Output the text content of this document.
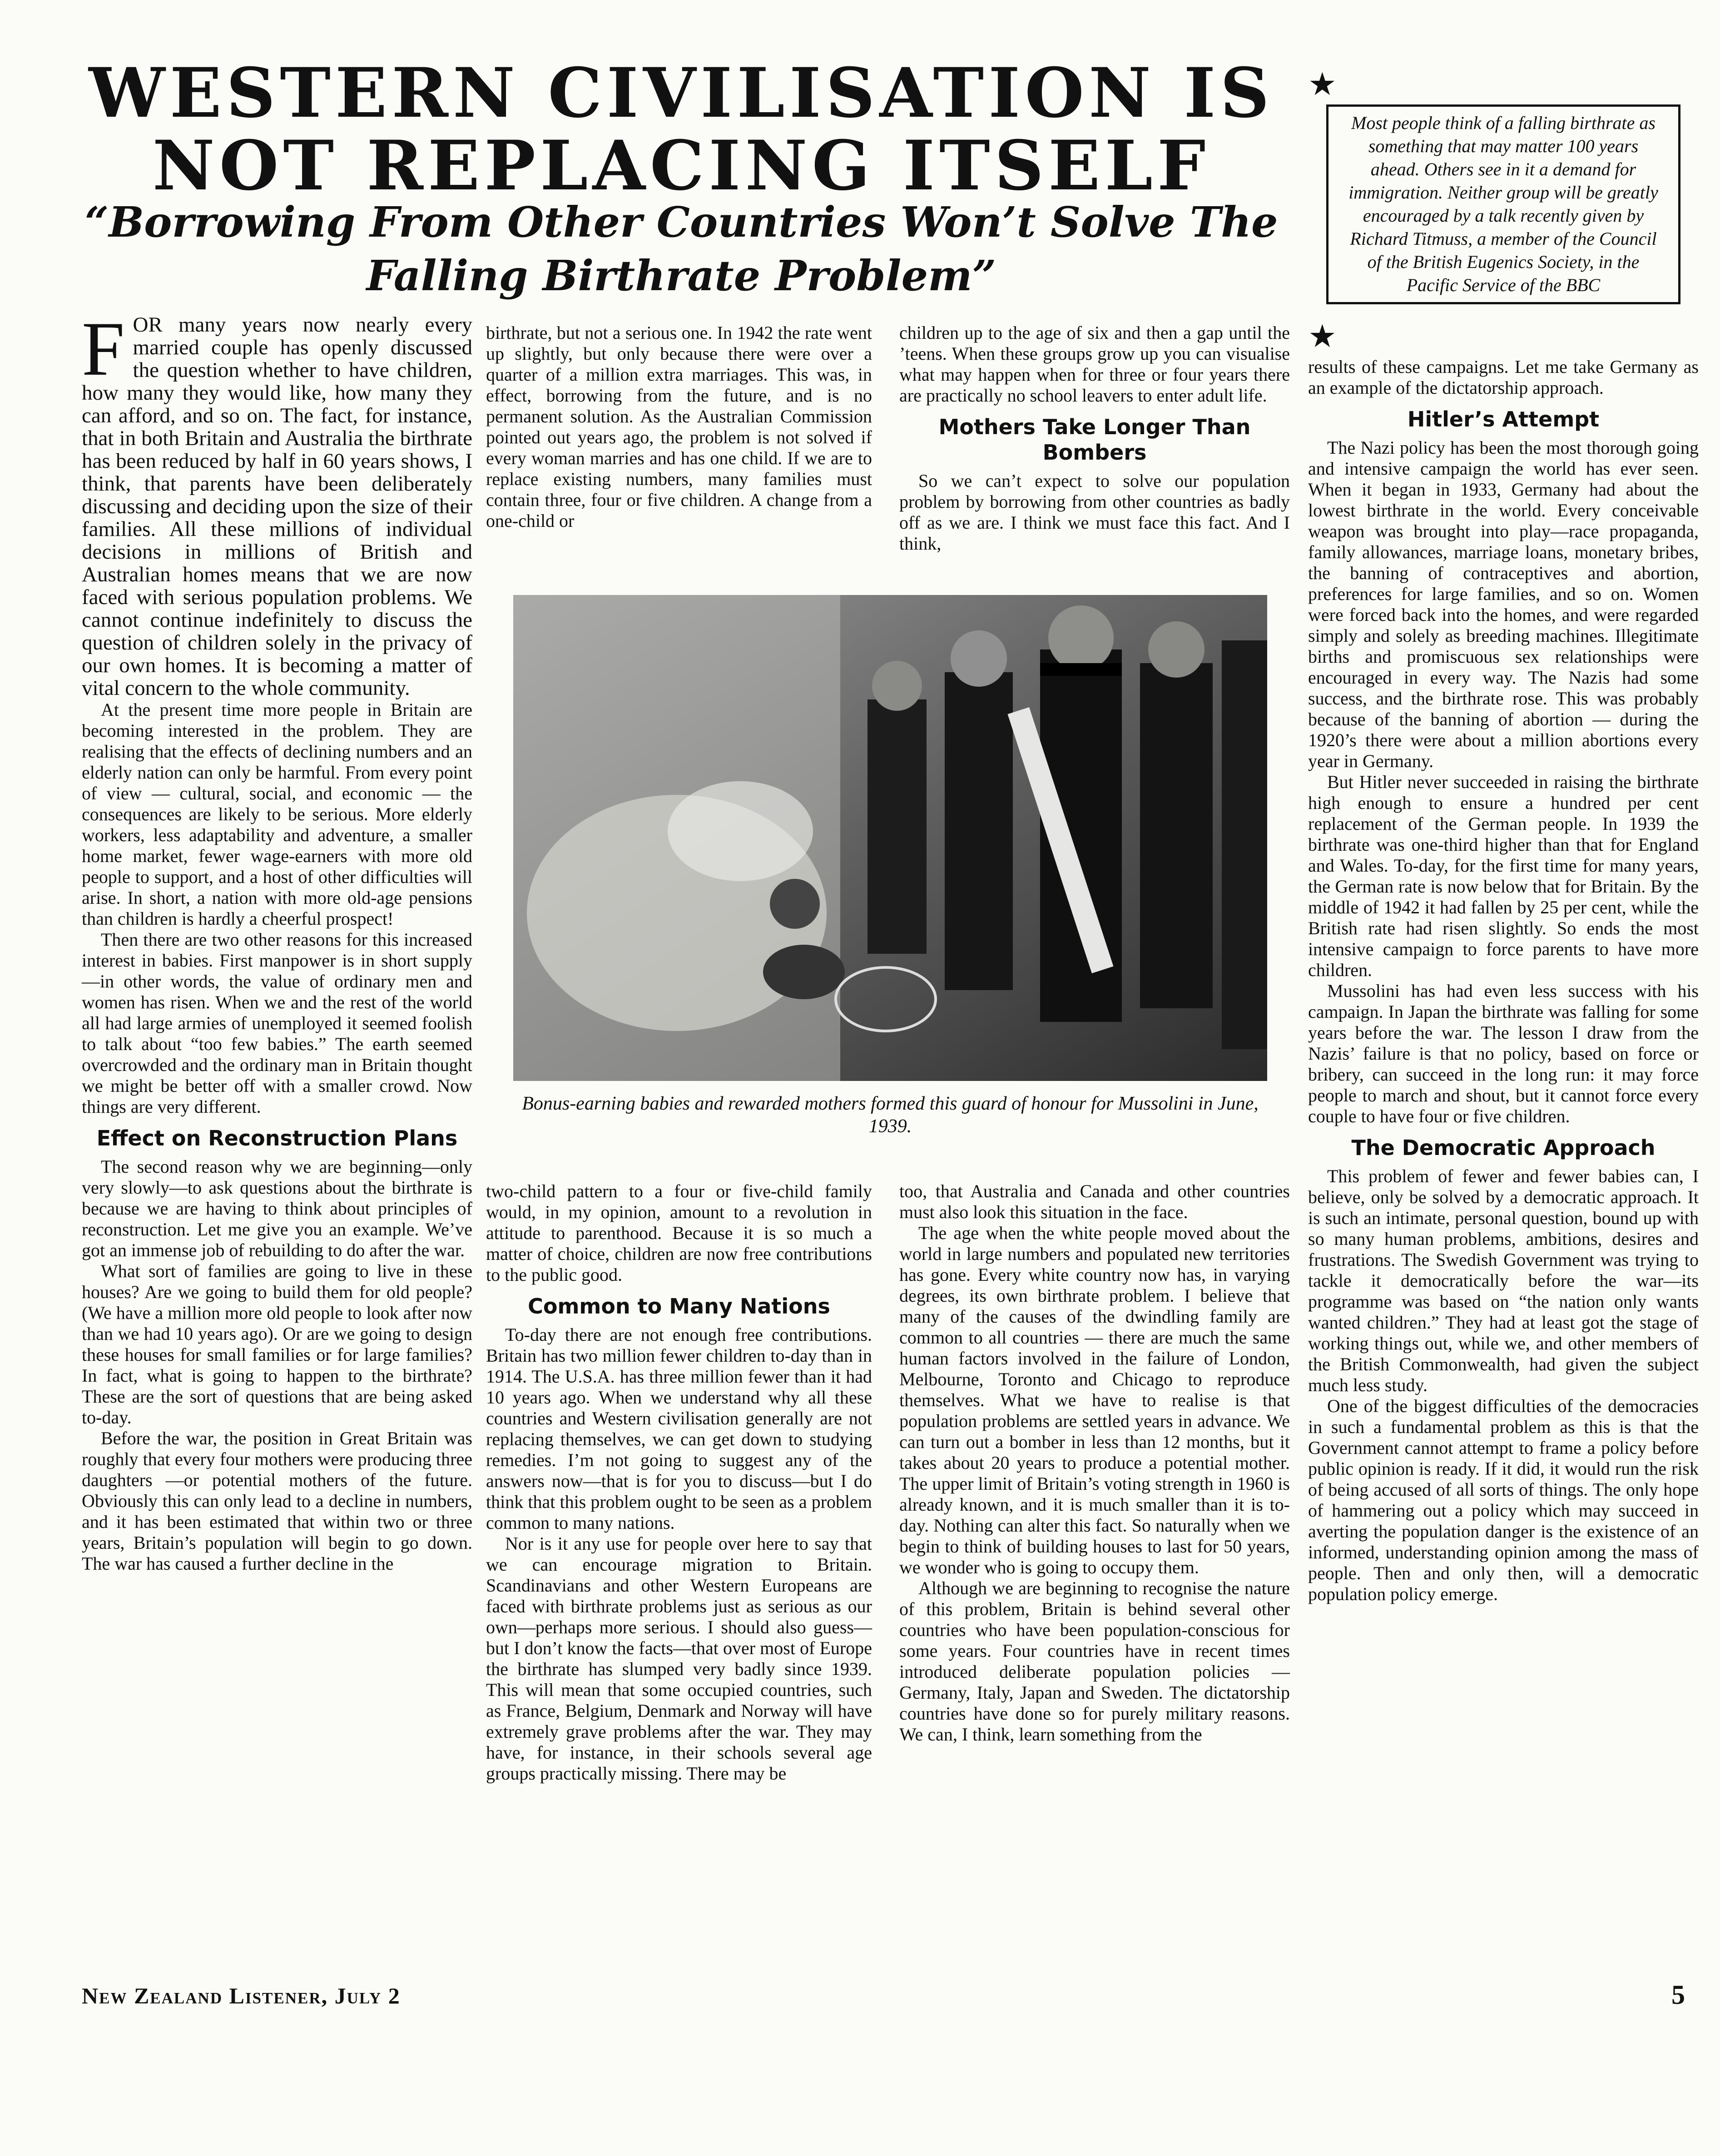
WESTERN CIVILISATION IS NOT REPLACING ITSELF
“Borrowing From Other Countries Won’t Solve The Falling Birthrate Problem”
★
Most people think of a falling birthrate as something that may matter 100 years ahead. Others see in it a demand for immigration. Neither group will be greatly encouraged by a talk recently given by Richard Titmuss, a member of the Council of the British Eugenics Society, in the Pacific Service of the BBC
★
F OR many years now nearly every married couple has openly discussed the question whether to have children, how many they would like, how many they can afford, and so on. The fact, for instance, that in both Britain and Australia the birthrate has been reduced by half in 60 years shows, I think, that parents have been deliberately discussing and deciding upon the size of their families. All these millions of individual decisions in millions of British and Australian homes means that we are now faced with serious population problems. We cannot continue indefinitely to discuss the question of children solely in the privacy of our own homes. It is becoming a matter of vital concern to the whole community.

At the present time more people in Britain are becoming interested in the problem. They are realising that the effects of declining numbers and an elderly nation can only be harmful. From every point of view — cultural, social, and economic — the consequences are likely to be serious. More elderly workers, less adaptability and adventure, a smaller home market, fewer wage-earners with more old people to support, and a host of other difficulties will arise. In short, a nation with more old-age pensions than children is hardly a cheerful prospect!

Then there are two other reasons for this increased interest in babies. First manpower is in short supply—in other words, the value of ordinary men and women has risen. When we and the rest of the world all had large armies of unemployed it seemed foolish to talk about “too few babies.” The earth seemed overcrowded and the ordinary man in Britain thought we might be better off with a smaller crowd. Now things are very different.

Effect on Reconstruction Plans

The second reason why we are beginning—only very slowly—to ask questions about the birthrate is because we are having to think about principles of reconstruction. Let me give you an example. We’ve got an immense job of rebuilding to do after the war.

What sort of families are going to live in these houses? Are we going to build them for old people? (We have a million more old people to look after now than we had 10 years ago). Or are we going to design these houses for small families or for large families? In fact, what is going to happen to the birthrate? These are the sort of questions that are being asked to-day.

Before the war, the position in Great Britain was roughly that every four mothers were producing three daughters —or potential mothers of the future. Obviously this can only lead to a decline in numbers, and it has been estimated that within two or three years, Britain’s population will begin to go down. The war has caused a further decline in the

birthrate, but not a serious one. In 1942 the rate went up slightly, but only because there were over a quarter of a million extra marriages. This was, in effect, borrowing from the future, and is no permanent solution. As the Australian Commission pointed out years ago, the problem is not solved if every woman marries and has one child. If we are to replace existing numbers, many families must contain three, four or five children. A change from a one-child or

children up to the age of six and then a gap until the ’teens. When these groups grow up you can visualise what may happen when for three or four years there are practically no school leavers to enter adult life.

Mothers Take Longer Than Bombers

So we can’t expect to solve our population problem by borrowing from other countries as badly off as we are. I think we must face this fact. And I think,

Bonus-earning babies and rewarded mothers formed this guard of honour for Mussolini in June, 1939.

two-child pattern to a four or five-child family would, in my opinion, amount to a revolution in attitude to parenthood. Because it is so much a matter of choice, children are now free contributions to the public good.

Common to Many Nations

To-day there are not enough free contributions. Britain has two million fewer children to-day than in 1914. The U.S.A. has three million fewer than it had 10 years ago. When we understand why all these countries and Western civilisation generally are not replacing themselves, we can get down to studying remedies. I’m not going to suggest any of the answers now—that is for you to discuss—but I do think that this problem ought to be seen as a problem common to many nations.

Nor is it any use for people over here to say that we can encourage migration to Britain. Scandinavians and other Western Europeans are faced with birthrate problems just as serious as our own—perhaps more serious. I should also guess—but I don’t know the facts—that over most of Europe the birthrate has slumped very badly since 1939. This will mean that some occupied countries, such as France, Belgium, Denmark and Norway will have extremely grave problems after the war. They may have, for instance, in their schools several age groups practically missing. There may be

too, that Australia and Canada and other countries must also look this situation in the face.

The age when the white people moved about the world in large numbers and populated new territories has gone. Every white country now has, in varying degrees, its own birthrate problem. I believe that many of the causes of the dwindling family are common to all countries — there are much the same human factors involved in the failure of London, Melbourne, Toronto and Chicago to reproduce themselves. What we have to realise is that population problems are settled years in advance. We can turn out a bomber in less than 12 months, but it takes about 20 years to produce a potential mother. The upper limit of Britain’s voting strength in 1960 is already known, and it is much smaller than it is to-day. Nothing can alter this fact. So naturally when we begin to think of building houses to last for 50 years, we wonder who is going to occupy them.

Although we are beginning to recognise the nature of this problem, Britain is behind several other countries who have been population-conscious for some years. Four countries have in recent times introduced deliberate population policies — Germany, Italy, Japan and Sweden. The dictatorship countries have done so for purely military reasons. We can, I think, learn something from the

results of these campaigns. Let me take Germany as an example of the dictatorship approach.

Hitler’s Attempt

The Nazi policy has been the most thorough going and intensive campaign the world has ever seen. When it began in 1933, Germany had about the lowest birthrate in the world. Every conceivable weapon was brought into play—race propaganda, family allowances, marriage loans, monetary bribes, the banning of contraceptives and abortion, preferences for large families, and so on. Women were forced back into the homes, and were regarded simply and solely as breeding machines. Illegitimate births and promiscuous sex relationships were encouraged in every way. The Nazis had some success, and the birthrate rose. This was probably because of the banning of abortion — during the 1920’s there were about a million abortions every year in Germany.

But Hitler never succeeded in raising the birthrate high enough to ensure a hundred per cent replacement of the German people. In 1939 the birthrate was one-third higher than that for England and Wales. To-day, for the first time for many years, the German rate is now below that for Britain. By the middle of 1942 it had fallen by 25 per cent, while the British rate had risen slightly. So ends the most intensive campaign to force parents to have more children.

Mussolini has had even less success with his campaign. In Japan the birthrate was falling for some years before the war. The lesson I draw from the Nazis’ failure is that no policy, based on force or bribery, can succeed in the long run: it may force people to march and shout, but it cannot force every couple to have four or five children.

The Democratic Approach

This problem of fewer and fewer babies can, I believe, only be solved by a democratic approach. It is such an intimate, personal question, bound up with so many human problems, ambitions, desires and frustrations. The Swedish Government was trying to tackle it democratically before the war—its programme was based on “the nation only wants wanted children.” They had at least got the stage of working things out, while we, and other members of the British Commonwealth, had given the subject much less study.

One of the biggest difficulties of the democracies in such a fundamental problem as this is that the Government cannot attempt to frame a policy before public opinion is ready. If it did, it would run the risk of being accused of all sorts of things. The only hope of hammering out a policy which may succeed in averting the population danger is the existence of an informed, understanding opinion among the mass of people. Then and only then, will a democratic population policy emerge.

New Zealand Listener, July 2	5
